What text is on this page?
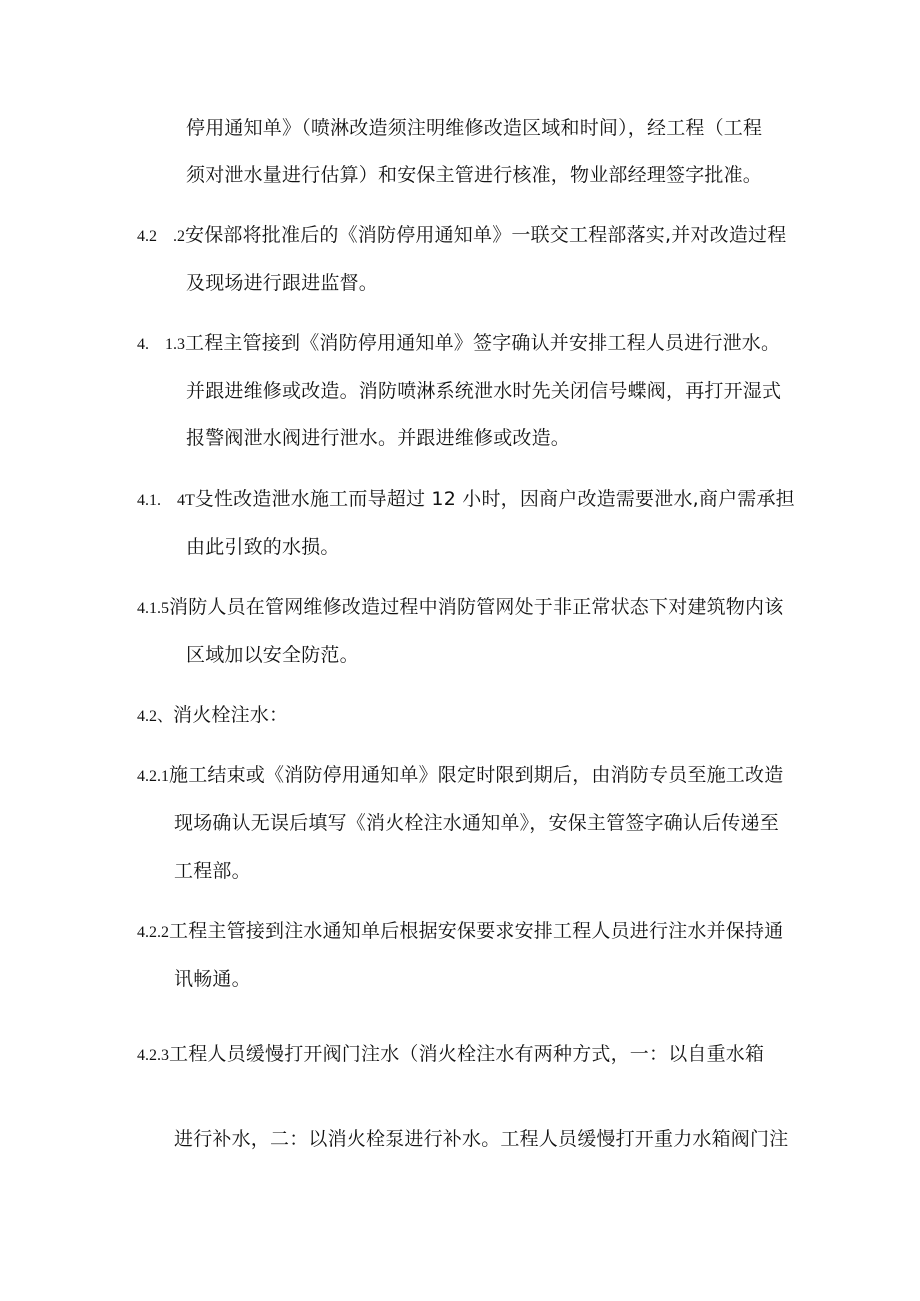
停用通知单》（喷淋改造须注明维修改造区域和时间），经工程（工程
须对泄水量进行估算）和安保主管进行核准，物业部经理签字批准。
4.2    .2安保部将批准后的《消防停用通知单》一联交工程部落实,并对改造过程
及现场进行跟进监督。
4.    1.3工程主管接到《消防停用通知单》签字确认并安排工程人员进行泄水。
并跟进维修或改造。消防喷淋系统泄水时先关闭信号蝶阀，再打开湿式
报警阀泄水阀进行泄水。并跟进维修或改造。
4.1.    4T殳性改造泄水施工而导超过 12 小时，因商户改造需要泄水,商户需承担
由此引致的水损。
4.1.5消防人员在管网维修改造过程中消防管网处于非正常状态下对建筑物内该
区域加以安全防范。
4.2、消火栓注水：
4.2.1施工结束或《消防停用通知单》限定时限到期后，由消防专员至施工改造
现场确认无误后填写《消火栓注水通知单》，安保主管签字确认后传递至
工程部。
4.2.2工程主管接到注水通知单后根据安保要求安排工程人员进行注水并保持通
讯畅通。
4.2.3工程人员缓慢打开阀门注水（消火栓注水有两种方式，一：以自重水箱
进行补水，二：以消火栓泵进行补水。工程人员缓慢打开重力水箱阀门注
